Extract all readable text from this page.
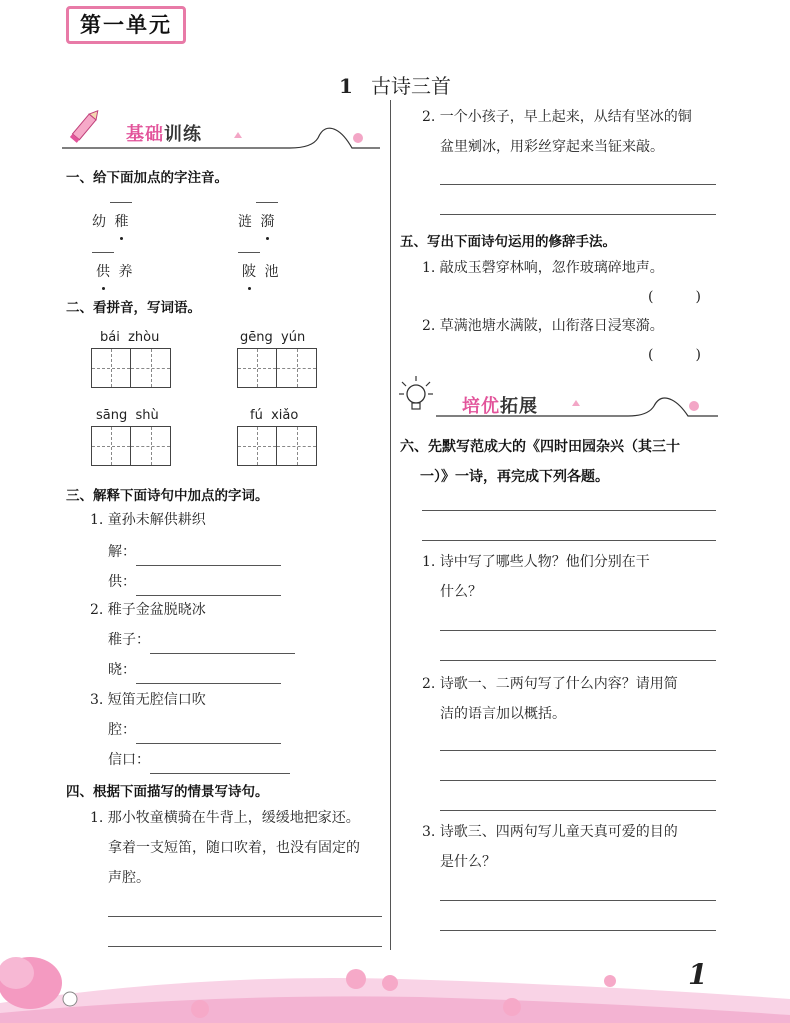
第一单元
1 古诗三首
基础训练
一、给下面加点的字注音。
幼 稚	涟 漪
供 养	陂 池
二、看拼音，写词语。
bái  zhòu	gēng  yún
sāng  shù	fú  xiǎo
三、解释下面诗句中加点的字词。
1. 童孙未解供耕织
解：
供：
2. 稚子金盆脱晓冰
稚子：
晓：
3. 短笛无腔信口吹
腔：
信口：
四、根据下面描写的情景写诗句。
1. 那小牧童横骑在牛背上，缓缓地把家还。
拿着一支短笛，随口吹着，也没有固定的
声腔。
2. 一个小孩子，早上起来，从结有坚冰的铜
盆里剜冰，用彩丝穿起来当钲来敲。
五、写出下面诗句运用的修辞手法。
1. 敲成玉磬穿林响，忽作玻璃碎地声。
(　　　)
2. 草满池塘水满陂，山衔落日浸寒漪。
(　　　)
培优拓展
六、先默写范成大的《四时田园杂兴（其三十
一）》一诗，再完成下列各题。
1. 诗中写了哪些人物？他们分别在干
什么？
2. 诗歌一、二两句写了什么内容？请用简
洁的语言加以概括。
3. 诗歌三、四两句写儿童天真可爱的目的
是什么？
1
